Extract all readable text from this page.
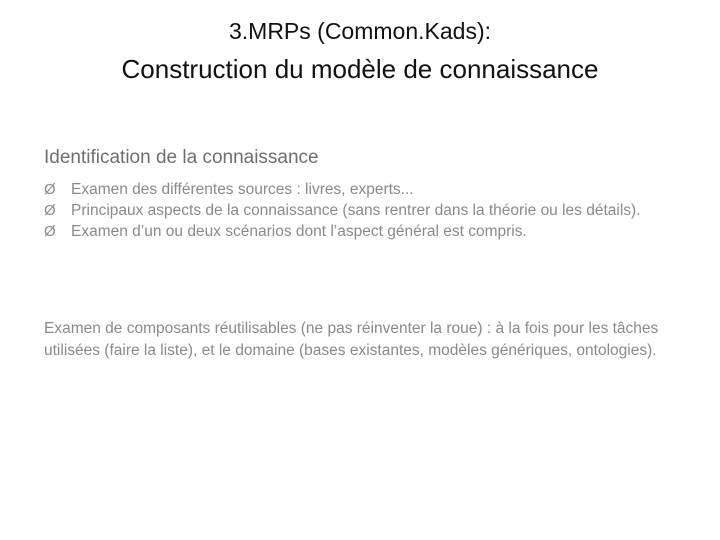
3.MRPs (Common.Kads):
Construction du modèle de connaissance
Identification de la connaissance
Ø Examen des différentes sources : livres, experts...
Ø Principaux aspects de la connaissance (sans rentrer dans la théorie ou les détails).
Ø Examen d’un ou deux scénarios dont l’aspect général est compris.

Examen de composants réutilisables (ne pas réinventer la roue) : à la fois pour les tâches utilisées (faire la liste), et le domaine (bases existantes, modèles génériques, ontologies).
